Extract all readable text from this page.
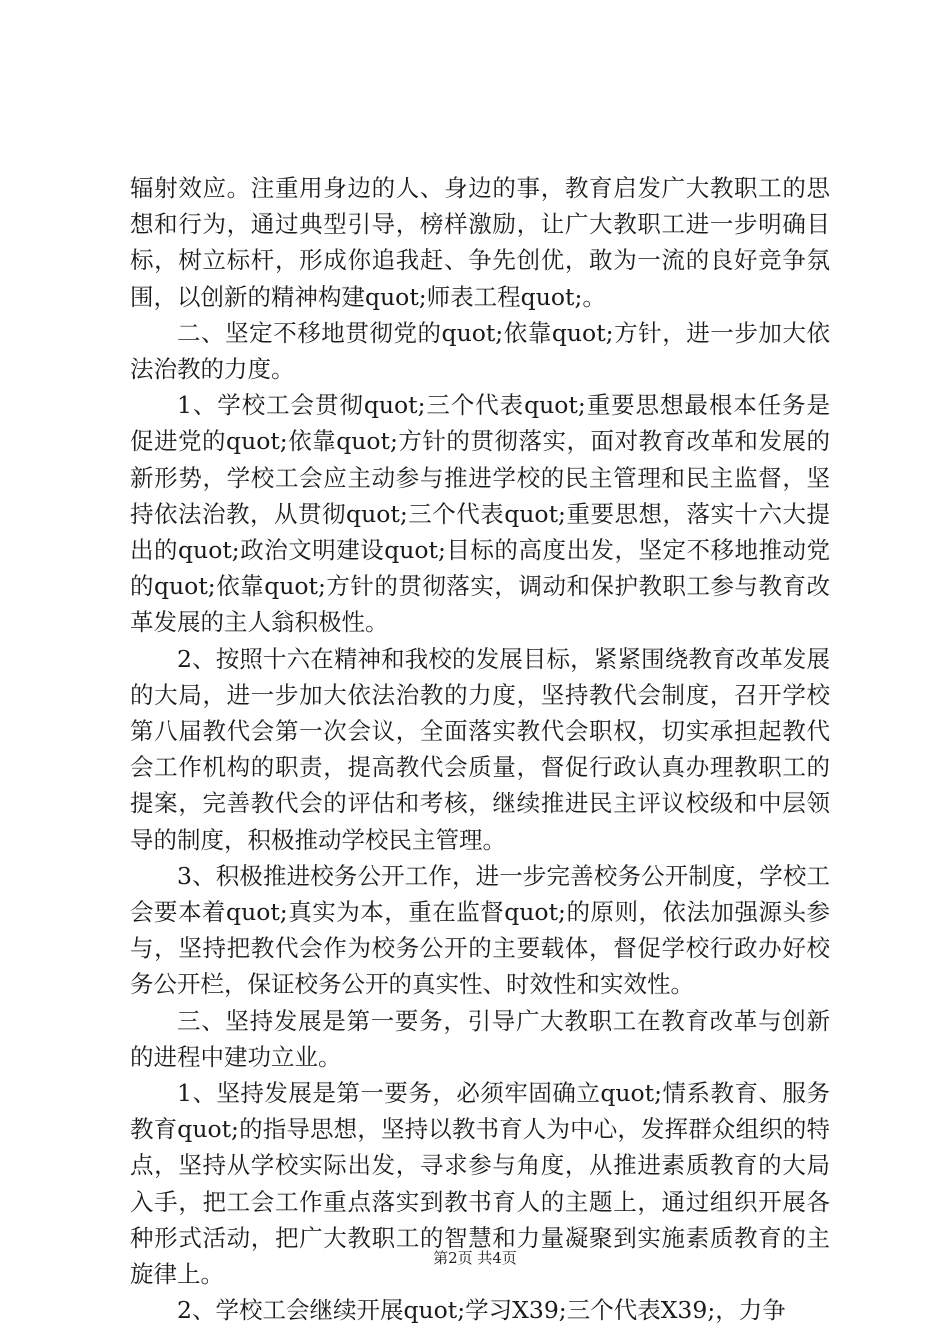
辐射效应。注重用身边的人、身边的事，教育启发广大教职工的思想和行为，通过典型引导，榜样激励，让广大教职工进一步明确目标，树立标杆，形成你追我赶、争先创优，敢为一流的良好竞争氛围，以创新的精神构建quot;师表工程quot;。

二、坚定不移地贯彻党的quot;依靠quot;方针，进一步加大依法治教的力度。

1、学校工会贯彻quot;三个代表quot;重要思想最根本任务是促进党的quot;依靠quot;方针的贯彻落实，面对教育改革和发展的新形势，学校工会应主动参与推进学校的民主管理和民主监督，坚持依法治教，从贯彻quot;三个代表quot;重要思想，落实十六大提出的quot;政治文明建设quot;目标的高度出发，坚定不移地推动党的quot;依靠quot;方针的贯彻落实，调动和保护教职工参与教育改革发展的主人翁积极性。

2、按照十六在精神和我校的发展目标，紧紧围绕教育改革发展的大局，进一步加大依法治教的力度，坚持教代会制度，召开学校第八届教代会第一次会议，全面落实教代会职权，切实承担起教代会工作机构的职责，提高教代会质量，督促行政认真办理教职工的提案，完善教代会的评估和考核，继续推进民主评议校级和中层领导的制度，积极推动学校民主管理。

3、积极推进校务公开工作，进一步完善校务公开制度，学校工会要本着quot;真实为本，重在监督quot;的原则，依法加强源头参与，坚持把教代会作为校务公开的主要载体，督促学校行政办好校务公开栏，保证校务公开的真实性、时效性和实效性。

三、坚持发展是第一要务，引导广大教职工在教育改革与创新的进程中建功立业。

1、坚持发展是第一要务，必须牢固确立quot;情系教育、服务教育quot;的指导思想，坚持以教书育人为中心，发挥群众组织的特点，坚持从学校实际出发，寻求参与角度，从推进素质教育的大局入手，把工会工作重点落实到教书育人的主题上，通过组织开展各种形式活动，把广大教职工的智慧和力量凝聚到实施素质教育的主旋律上。

2、学校工会继续开展quot;学习X39;三个代表X39;，力争

第2页 共4页
